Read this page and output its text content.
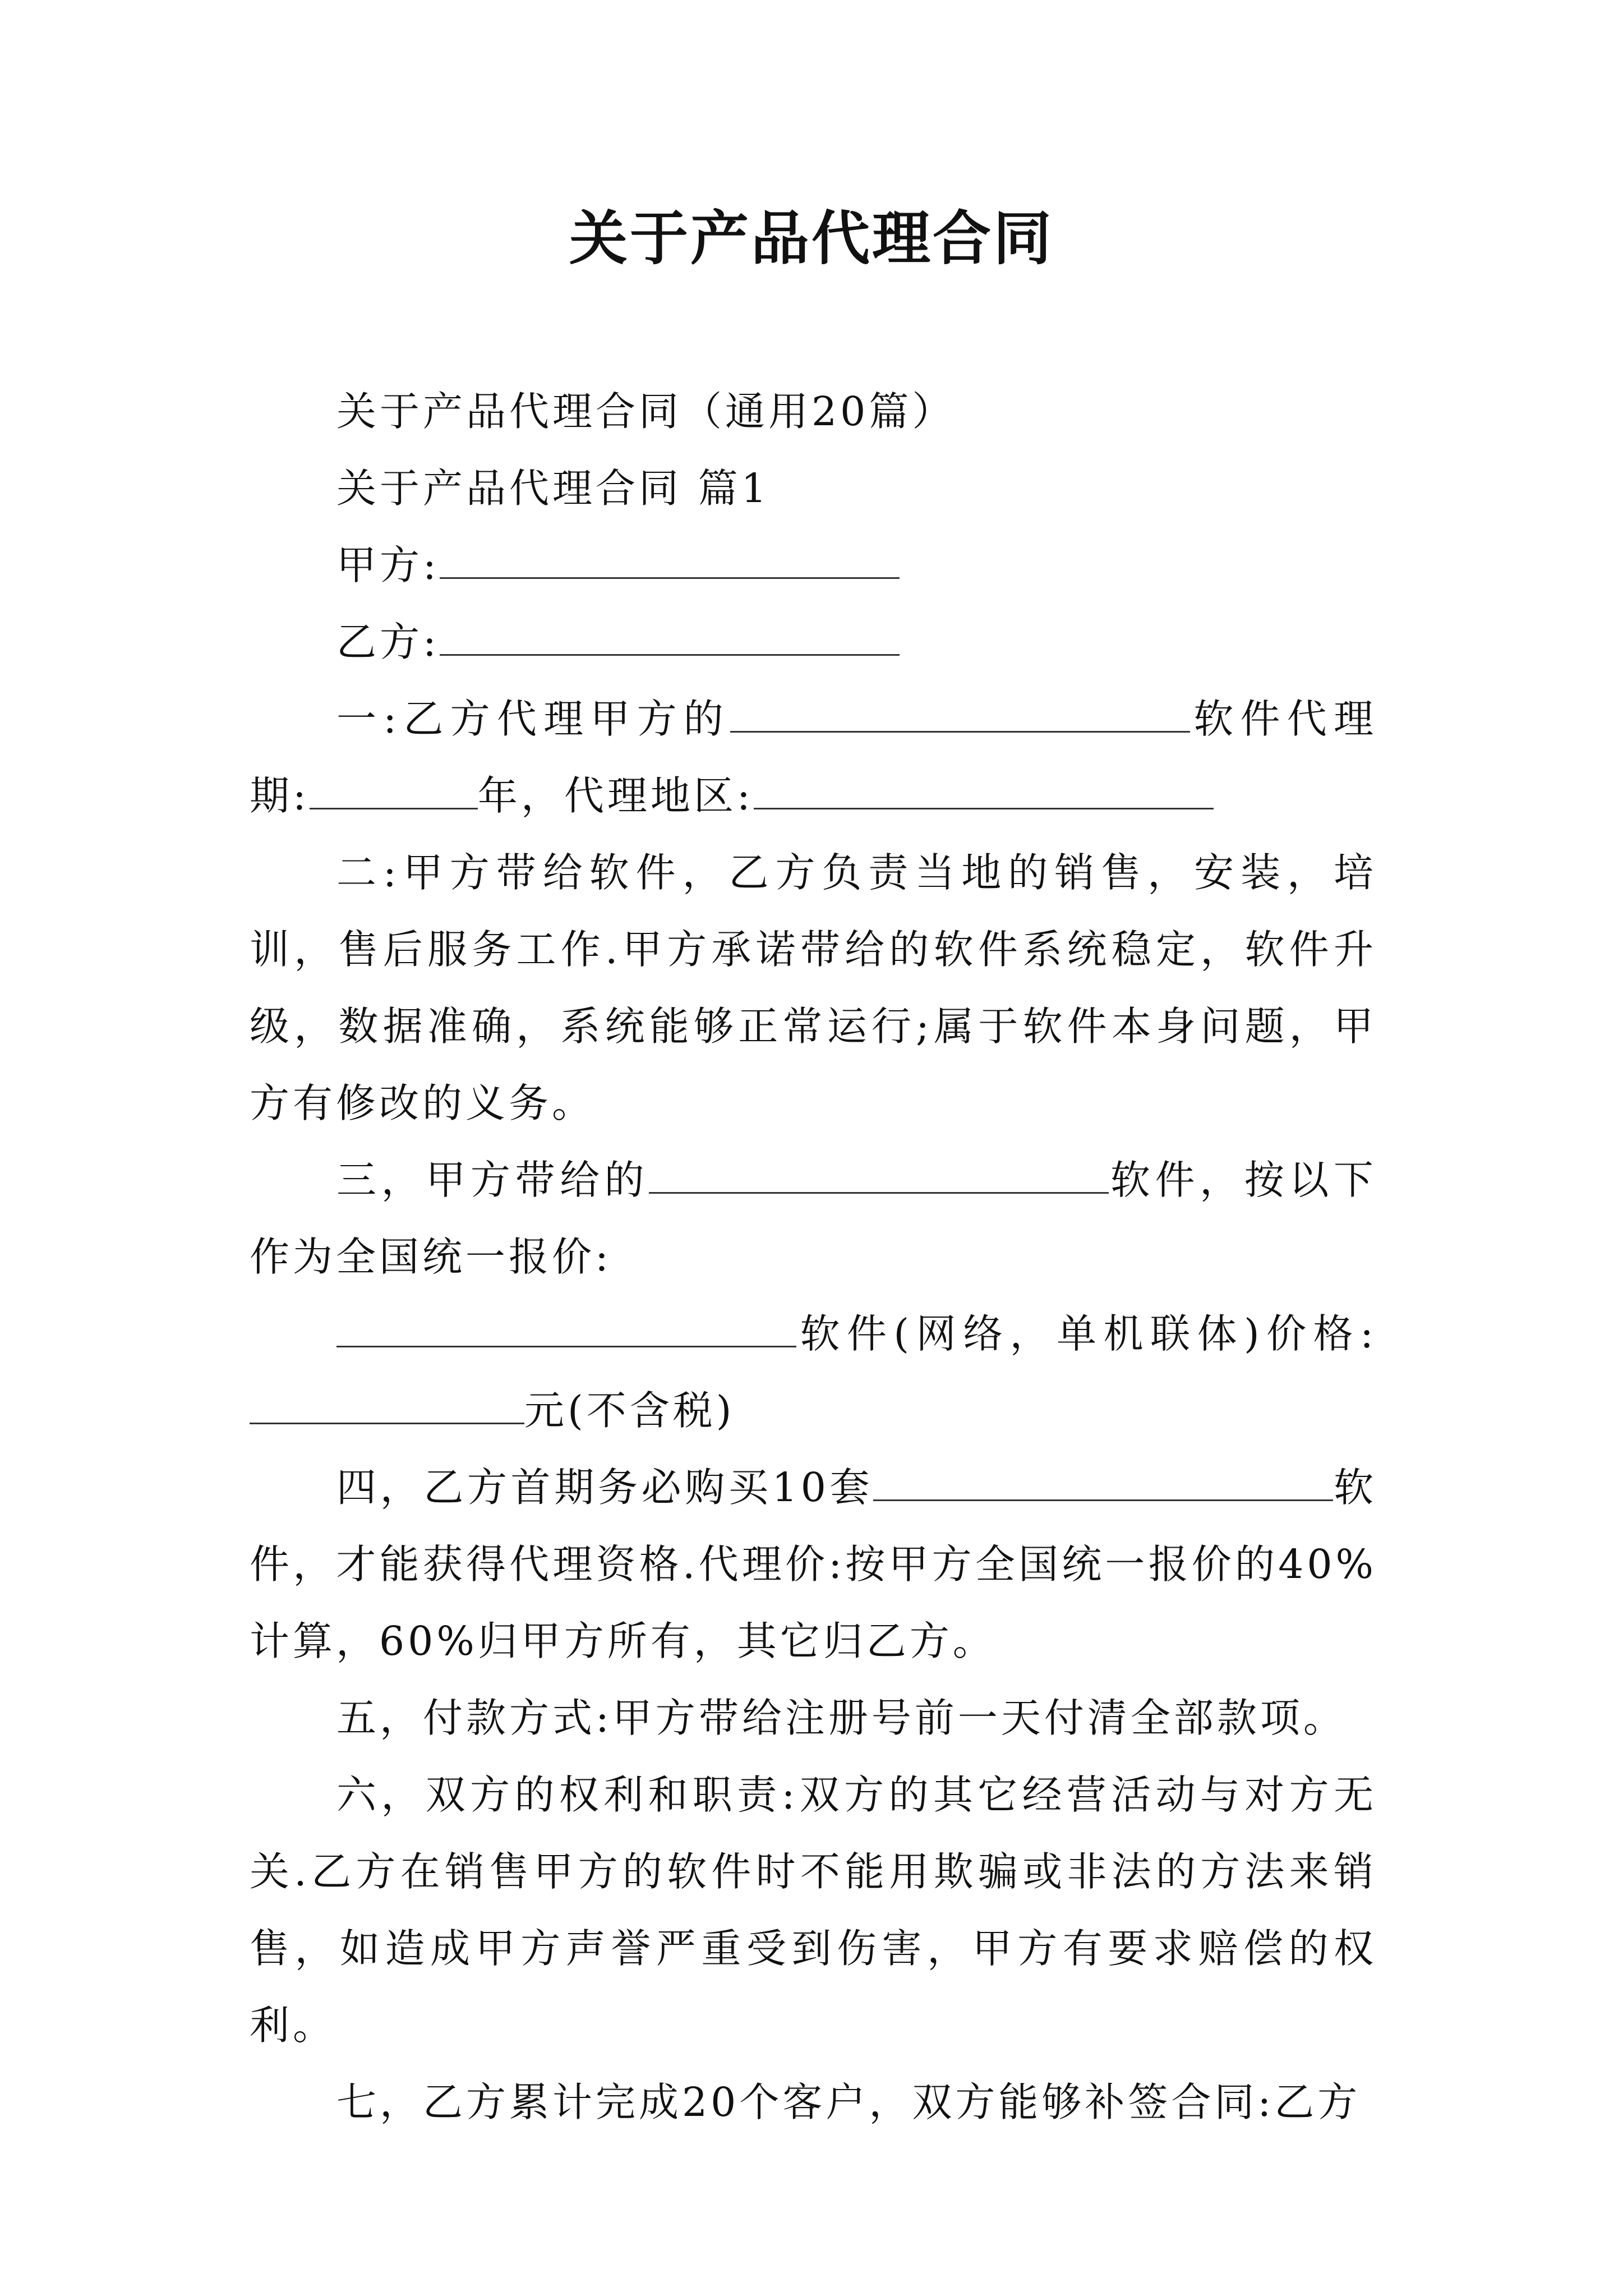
关于产品代理合同

关于产品代理合同（通用20篇）

关于产品代理合同 篇1

甲方:

乙方:

一:乙方代理甲方的	软件代理期:	年，代理地区:

二:甲方带给软件，乙方负责当地的销售，安装，培训，售后服务工作.甲方承诺带给的软件系统稳定，软件升级，数据准确，系统能够正常运行;属于软件本身问题，甲方有修改的义务。

三，甲方带给的	软件，按以下作为全国统一报价:

软件(网络，单机联体)价格:元(不含税)

四，乙方首期务必购买10套	软件，才能获得代理资格.代理价:按甲方全国统一报价的40%计算，60%归甲方所有，其它归乙方。

五，付款方式:甲方带给注册号前一天付清全部款项。

六，双方的权利和职责:双方的其它经营活动与对方无关.乙方在销售甲方的软件时不能用欺骗或非法的方法来销售，如造成甲方声誉严重受到伤害，甲方有要求赔偿的权利。

七，乙方累计完成20个客户，双方能够补签合同:乙方
